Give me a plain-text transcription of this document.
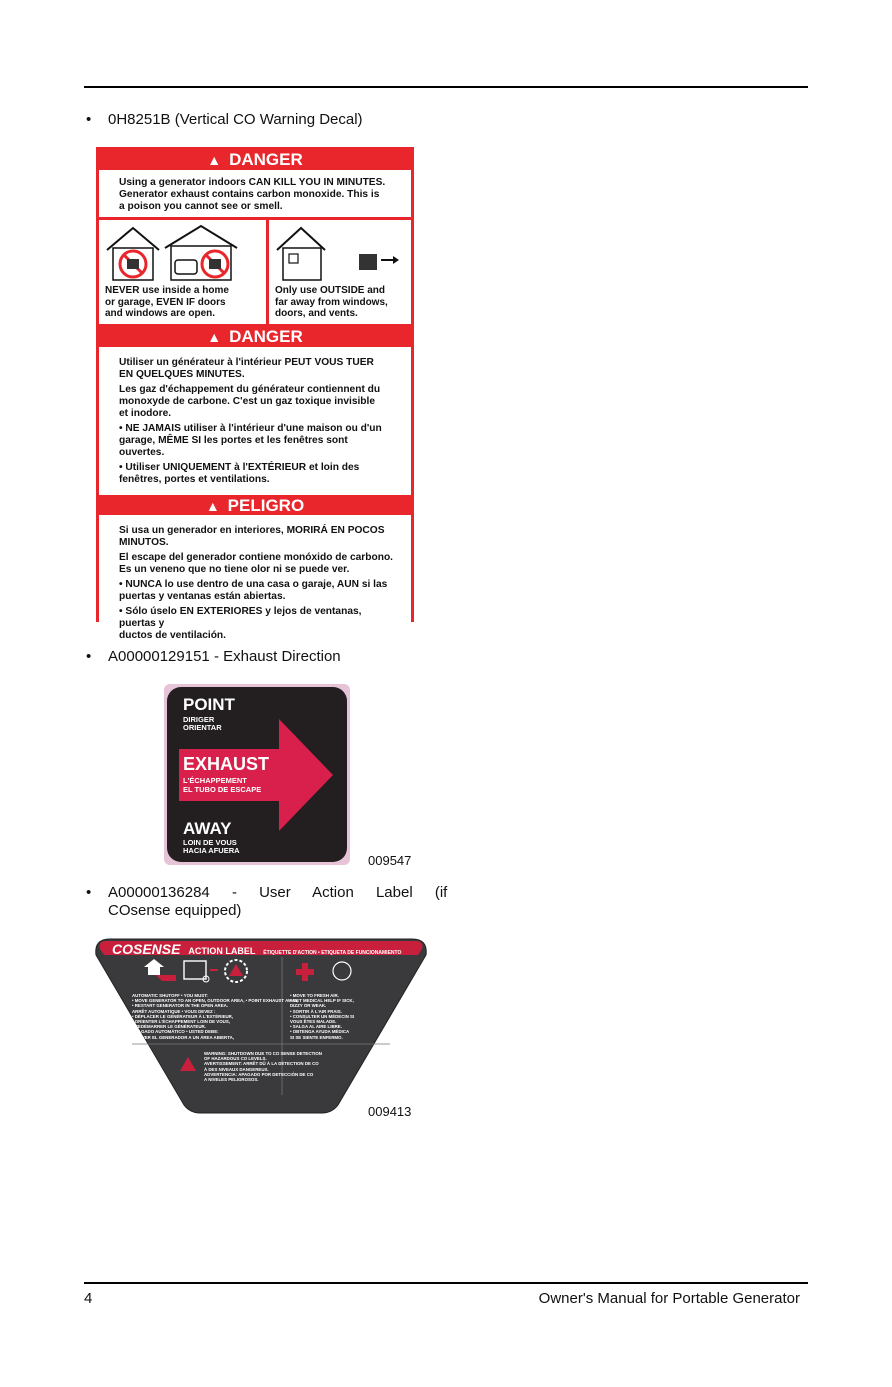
• 0H8251B (Vertical CO Warning Decal)
▲ DANGER
Using a generator indoors CAN KILL YOU IN MINUTES.
Generator exhaust contains carbon monoxide. This is
a poison you cannot see or smell.
NEVER use inside a home
or garage, EVEN IF doors
and windows are open.
Only use OUTSIDE and
far away from windows,
doors, and vents.
▲ DANGER

Utiliser un générateur à l'intérieur PEUT VOUS TUER
EN QUELQUES MINUTES.

Les gaz d'échappement du générateur contiennent du
monoxyde de carbone. C'est un gaz toxique invisible
et inodore.

• NE JAMAIS utiliser à l'intérieur d'une maison ou d'un
garage, MÊME SI les portes et les fenêtres sont ouvertes.

• Utiliser UNIQUEMENT à l'EXTÉRIEUR et loin des
fenêtres, portes et ventilations.

▲ PELIGRO

Si usa un generador en interiores, MORIRÁ EN POCOS
MINUTOS.

El escape del generador contiene monóxido de carbono.
Es un veneno que no tiene olor ni se puede ver.

• NUNCA lo use dentro de una casa o garaje, AUN si las
puertas y ventanas están abiertas.

• Sólo úselo EN EXTERIORES y lejos de ventanas, puertas y
ductos de ventilación.

• A00000129151 - Exhaust Direction
POINT
DIRIGER
ORIENTAR
EXHAUST
L'ÉCHAPPEMENT
EL TUBO DE ESCAPE
AWAY
LOIN DE VOUS
HACIA AFUERA
009547
• A00000136284 - User Action Label (if
COsense equipped)
COSENSE ACTION LABEL ÉTIQUETTE D'ACTION • ETIQUETA DE FUNCIONAMIENTO
AUTOMATIC SHUTOFF • YOU MUST:
• MOVE GENERATOR TO AN OPEN, OUTDOOR AREA, • POINT EXHAUST AWAY,
• RESTART GENERATOR IN THE OPEN AREA.
ARRÊT AUTOMATIQUE • VOUS DEVEZ :
• DÉPLACER LE GÉNÉRATEUR À L'EXTÉRIEUR,
• ORIENTER L'ÉCHAPPEMENT LOIN DE VOUS,
• REDÉMARRER LE GÉNÉRATEUR.
APAGADO AUTOMÁTICO • USTED DEBE:
• MOVER EL GENERADOR A UN ÁREA ABIERTA,
• MOVE TO FRESH AIR.
• GET MEDICAL HELP IF SICK,
DIZZY OR WEAK.
• SORTIR À L'AIR FRAIS.
• CONSULTER UN MÉDECIN SI
VOUS ÊTES MALADE.
• SALGA AL AIRE LIBRE.
• OBTENGA AYUDA MÉDICA
SI SE SIENTE ENFERMO.
WARNING: SHUTDOWN DUE TO CO SENSE DETECTION
OF HAZARDOUS CO LEVELS.
AVERTISSEMENT: ARRÊT DÛ À LA DÉTECTION DE CO
À DES NIVEAUX DANGEREUX.
ADVERTENCIA: APAGADO POR DETECCIÓN DE CO
A NIVELES PELIGROSOS.
009413
4	Owner's Manual for Portable Generator
